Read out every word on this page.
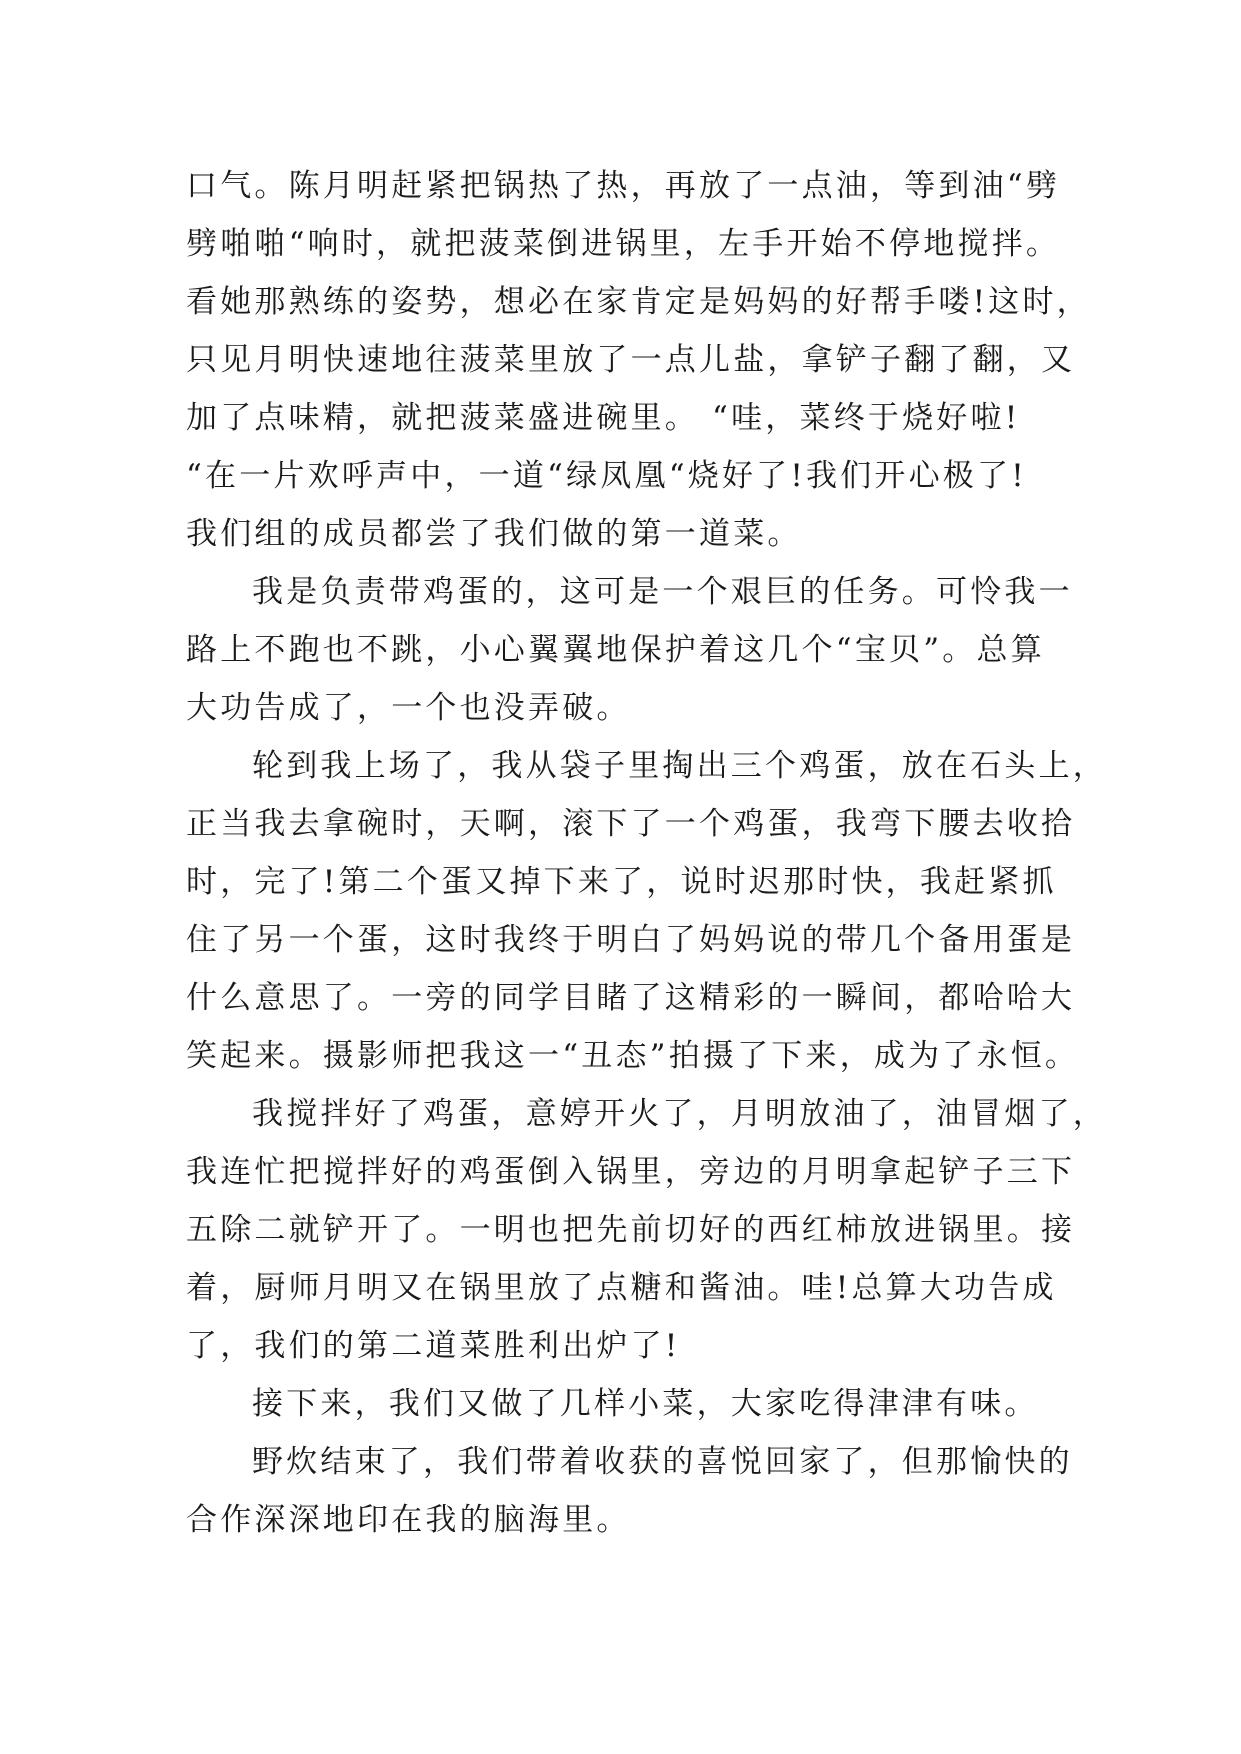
口气。陈月明赶紧把锅热了热，再放了一点油，等到油“劈
劈啪啪“响时，就把菠菜倒进锅里，左手开始不停地搅拌。
看她那熟练的姿势，想必在家肯定是妈妈的好帮手喽!这时，
只见月明快速地往菠菜里放了一点儿盐，拿铲子翻了翻，又
加了点味精，就把菠菜盛进碗里。 “哇，菜终于烧好啦!
“在一片欢呼声中，一道“绿凤凰“烧好了!我们开心极了!
我们组的成员都尝了我们做的第一道菜。
我是负责带鸡蛋的，这可是一个艰巨的任务。可怜我一
路上不跑也不跳，小心翼翼地保护着这几个“宝贝”。总算
大功告成了，一个也没弄破。
轮到我上场了，我从袋子里掏出三个鸡蛋，放在石头上，
正当我去拿碗时，天啊，滚下了一个鸡蛋，我弯下腰去收拾
时，完了!第二个蛋又掉下来了，说时迟那时快，我赶紧抓
住了另一个蛋，这时我终于明白了妈妈说的带几个备用蛋是
什么意思了。一旁的同学目睹了这精彩的一瞬间，都哈哈大
笑起来。摄影师把我这一“丑态”拍摄了下来，成为了永恒。
我搅拌好了鸡蛋，意婷开火了，月明放油了，油冒烟了，
我连忙把搅拌好的鸡蛋倒入锅里，旁边的月明拿起铲子三下
五除二就铲开了。一明也把先前切好的西红柿放进锅里。接
着，厨师月明又在锅里放了点糖和酱油。哇!总算大功告成
了，我们的第二道菜胜利出炉了!
接下来，我们又做了几样小菜，大家吃得津津有味。
野炊结束了，我们带着收获的喜悦回家了，但那愉快的
合作深深地印在我的脑海里。
